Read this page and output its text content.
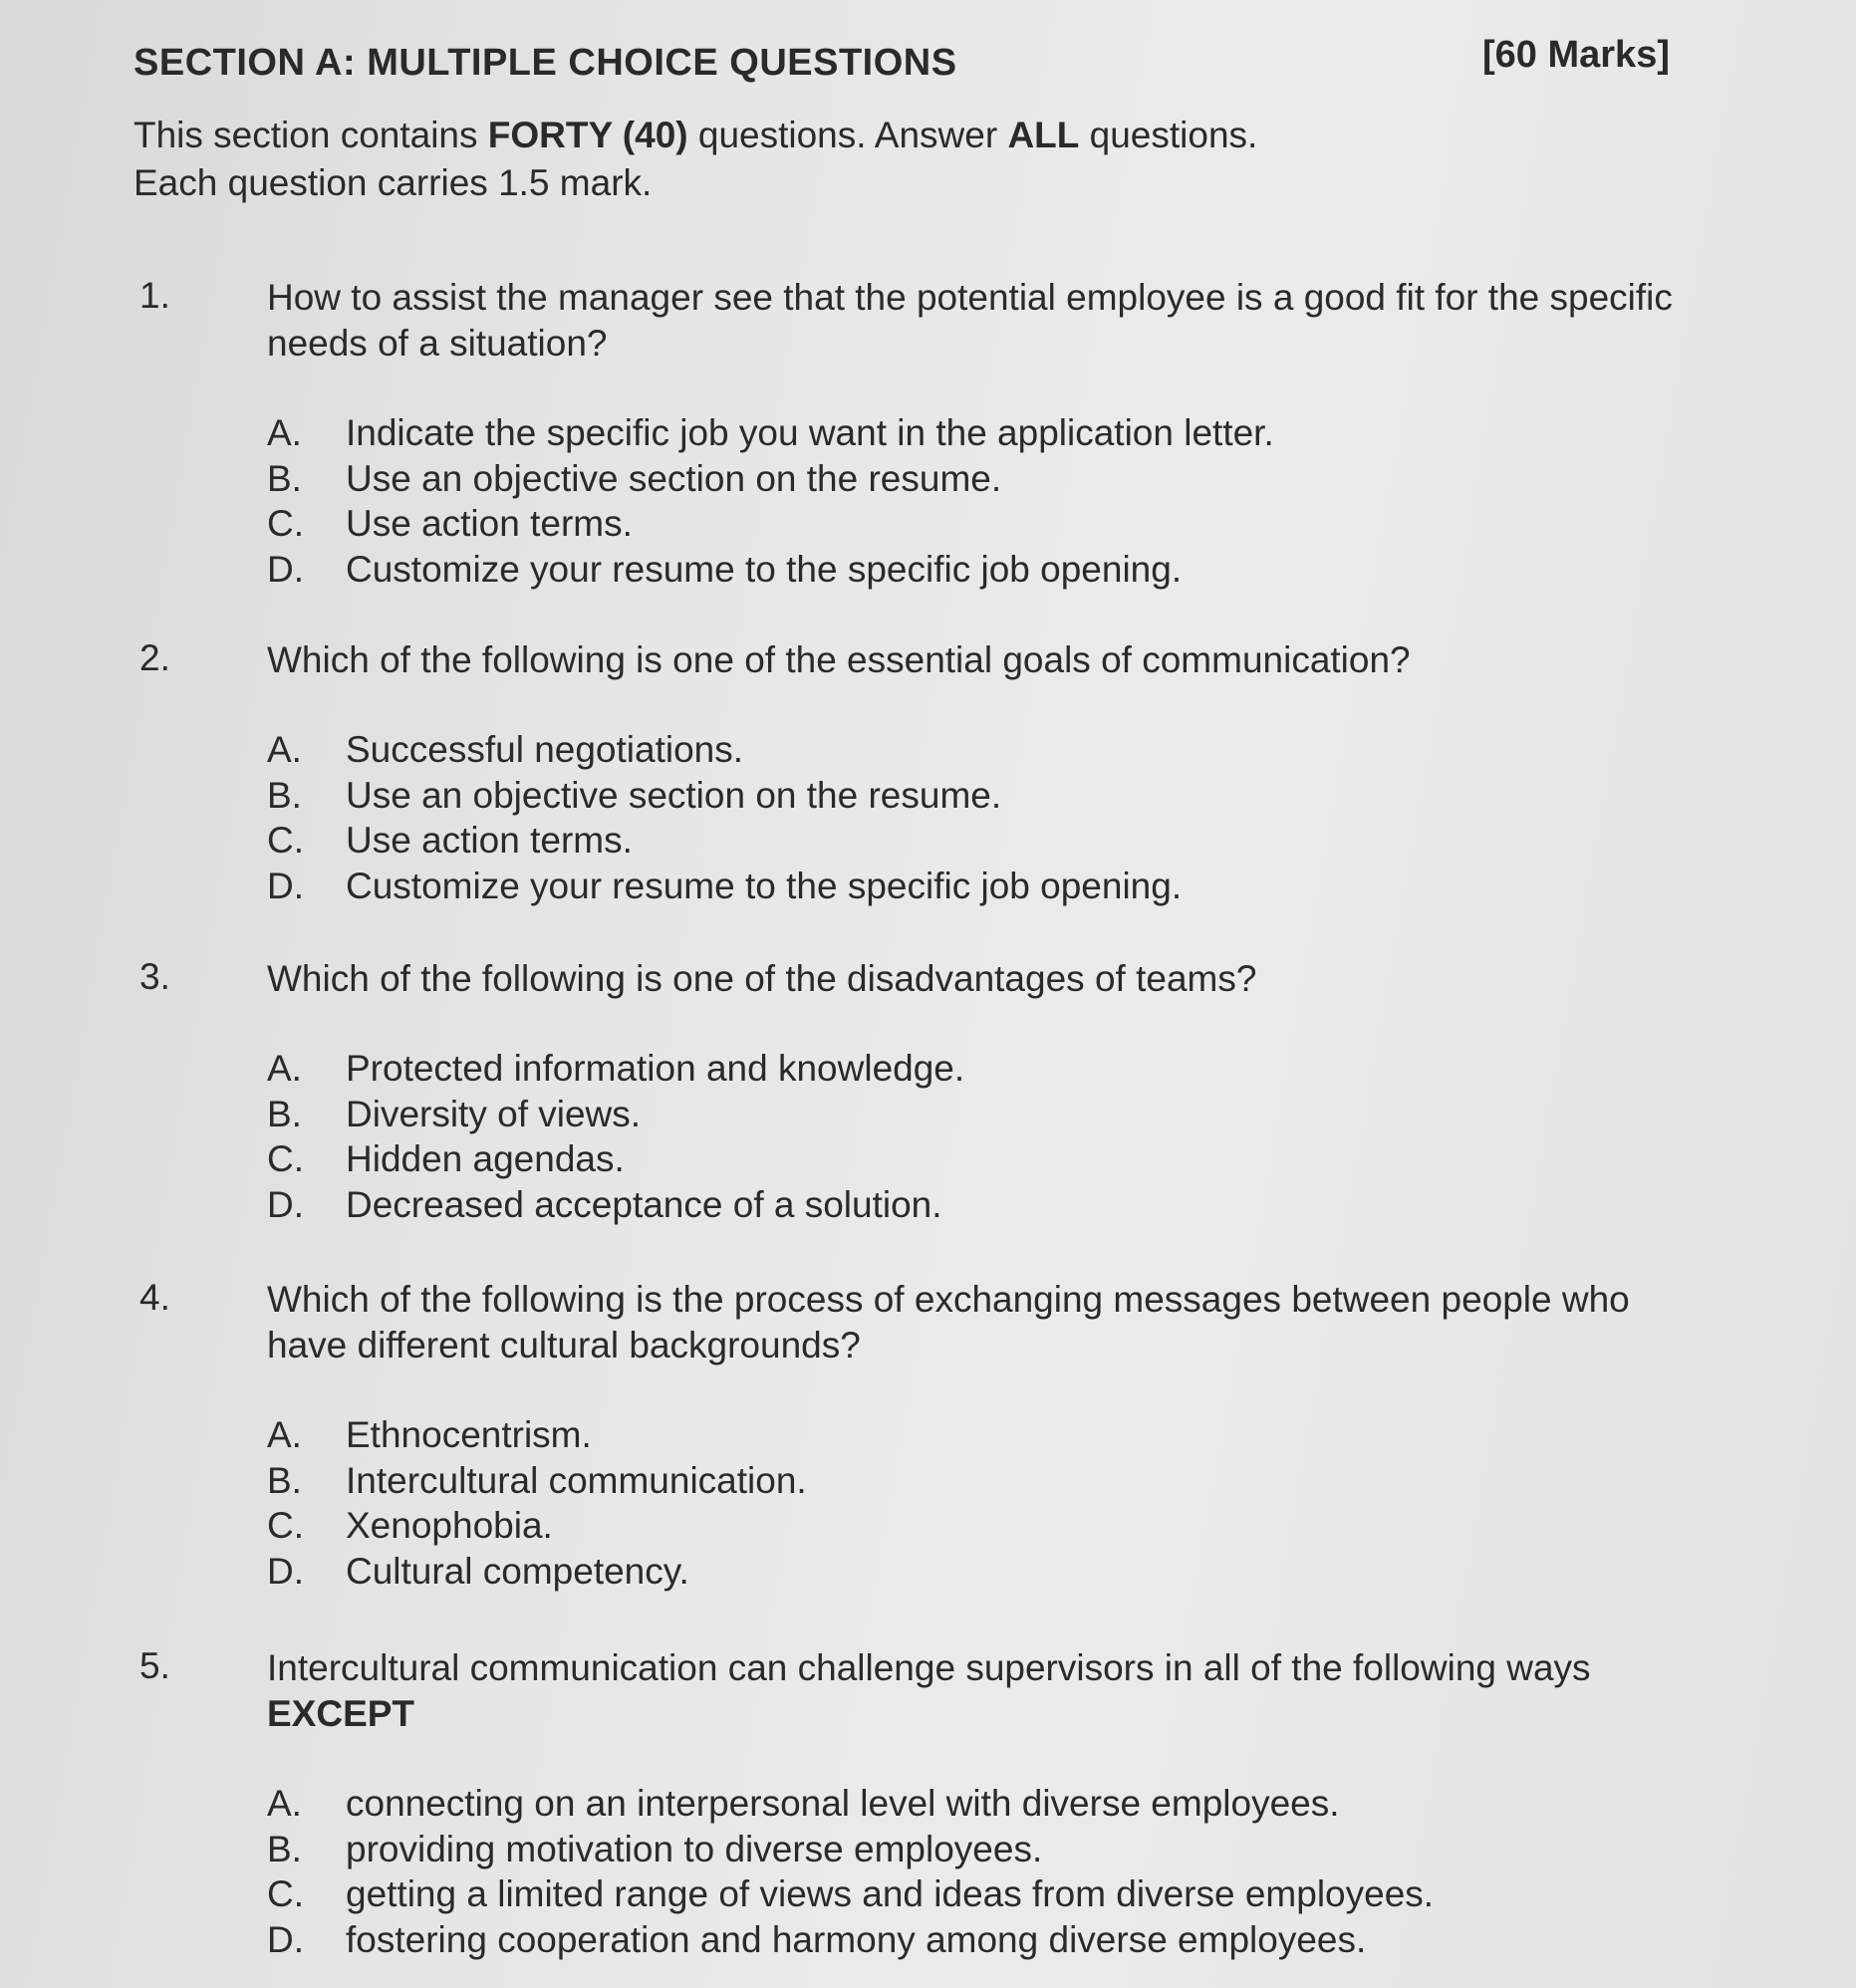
SECTION A: MULTIPLE CHOICE QUESTIONS	[60 Marks]

This section contains FORTY (40) questions. Answer ALL questions.

Each question carries 1.5 mark.

1.	How to assist the manager see that the potential employee is a good fit for the specific needs of a situation?

A.	Indicate the specific job you want in the application letter.
B.	Use an objective section on the resume.
C.	Use action terms.
D.	Customize your resume to the specific job opening.
2.	Which of the following is one of the essential goals of communication?

A.	Successful negotiations.
B.	Use an objective section on the resume.
C.	Use action terms.
D.	Customize your resume to the specific job opening.
3.	Which of the following is one of the disadvantages of teams?

A.	Protected information and knowledge.
B.	Diversity of views.
C.	Hidden agendas.
D.	Decreased acceptance of a solution.
4.	Which of the following is the process of exchanging messages between people who have different cultural backgrounds?

A.	Ethnocentrism.
B.	Intercultural communication.
C.	Xenophobia.
D.	Cultural competency.
5.	Intercultural communication can challenge supervisors in all of the following ways
EXCEPT

A.	connecting on an interpersonal level with diverse employees.
B.	providing motivation to diverse employees.
C.	getting a limited range of views and ideas from diverse employees.
D.	fostering cooperation and harmony among diverse employees.
